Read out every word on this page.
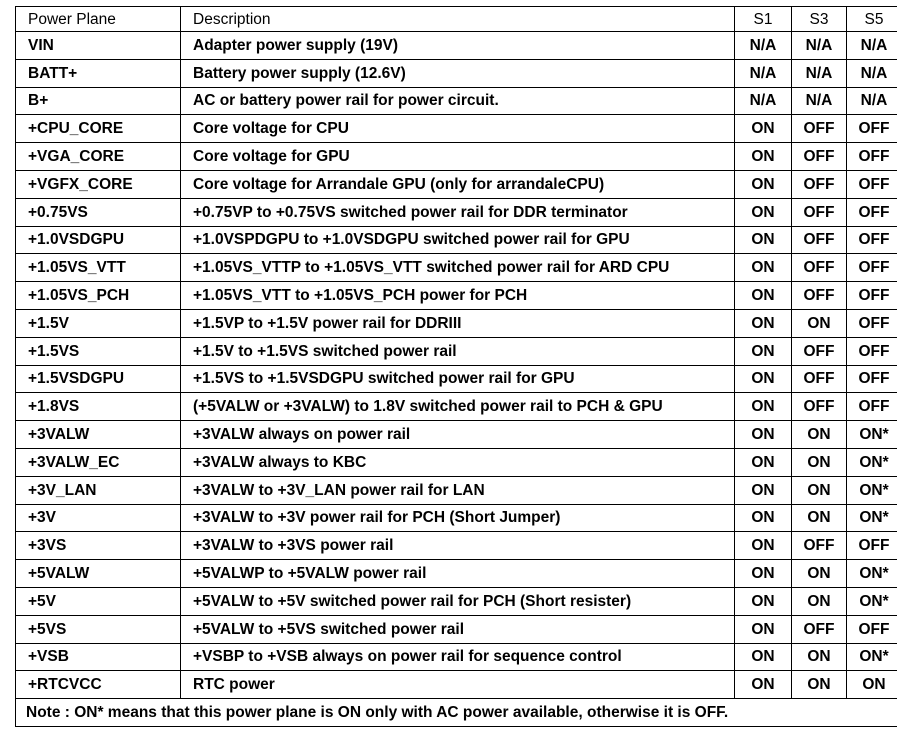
Power Plane	Description	S1	S3	S5
VIN	Adapter power supply (19V)	N/A	N/A	N/A
BATT+	Battery power supply (12.6V)	N/A	N/A	N/A
B+	AC or battery power rail for power circuit.	N/A	N/A	N/A
+CPU_CORE	Core voltage for CPU	ON	OFF	OFF
+VGA_CORE	Core voltage for GPU	ON	OFF	OFF
+VGFX_CORE	Core voltage for Arrandale GPU (only for arrandaleCPU)	ON	OFF	OFF
+0.75VS	+0.75VP to +0.75VS switched power rail for DDR terminator	ON	OFF	OFF
+1.0VSDGPU	+1.0VSPDGPU to +1.0VSDGPU switched power rail for GPU	ON	OFF	OFF
+1.05VS_VTT	+1.05VS_VTTP to +1.05VS_VTT switched power rail for ARD CPU	ON	OFF	OFF
+1.05VS_PCH	+1.05VS_VTT to +1.05VS_PCH power for PCH	ON	OFF	OFF
+1.5V	+1.5VP to +1.5V power rail for DDRIII	ON	ON	OFF
+1.5VS	+1.5V to +1.5VS switched power rail	ON	OFF	OFF
+1.5VSDGPU	+1.5VS to +1.5VSDGPU switched power rail for GPU	ON	OFF	OFF
+1.8VS	(+5VALW or +3VALW) to 1.8V switched power rail to PCH & GPU	ON	OFF	OFF
+3VALW	+3VALW always on power rail	ON	ON	ON*
+3VALW_EC	+3VALW always to KBC	ON	ON	ON*
+3V_LAN	+3VALW to +3V_LAN power rail for LAN	ON	ON	ON*
+3V	+3VALW to +3V power rail for PCH (Short Jumper)	ON	ON	ON*
+3VS	+3VALW to +3VS power rail	ON	OFF	OFF
+5VALW	+5VALWP to +5VALW power rail	ON	ON	ON*
+5V	+5VALW to +5V switched power rail for PCH (Short resister)	ON	ON	ON*
+5VS	+5VALW to +5VS switched power rail	ON	OFF	OFF
+VSB	+VSBP to +VSB always on power rail for sequence control	ON	ON	ON*
+RTCVCC	RTC power	ON	ON	ON
Note : ON* means that this power plane is ON only with AC power available, otherwise it is OFF.				
